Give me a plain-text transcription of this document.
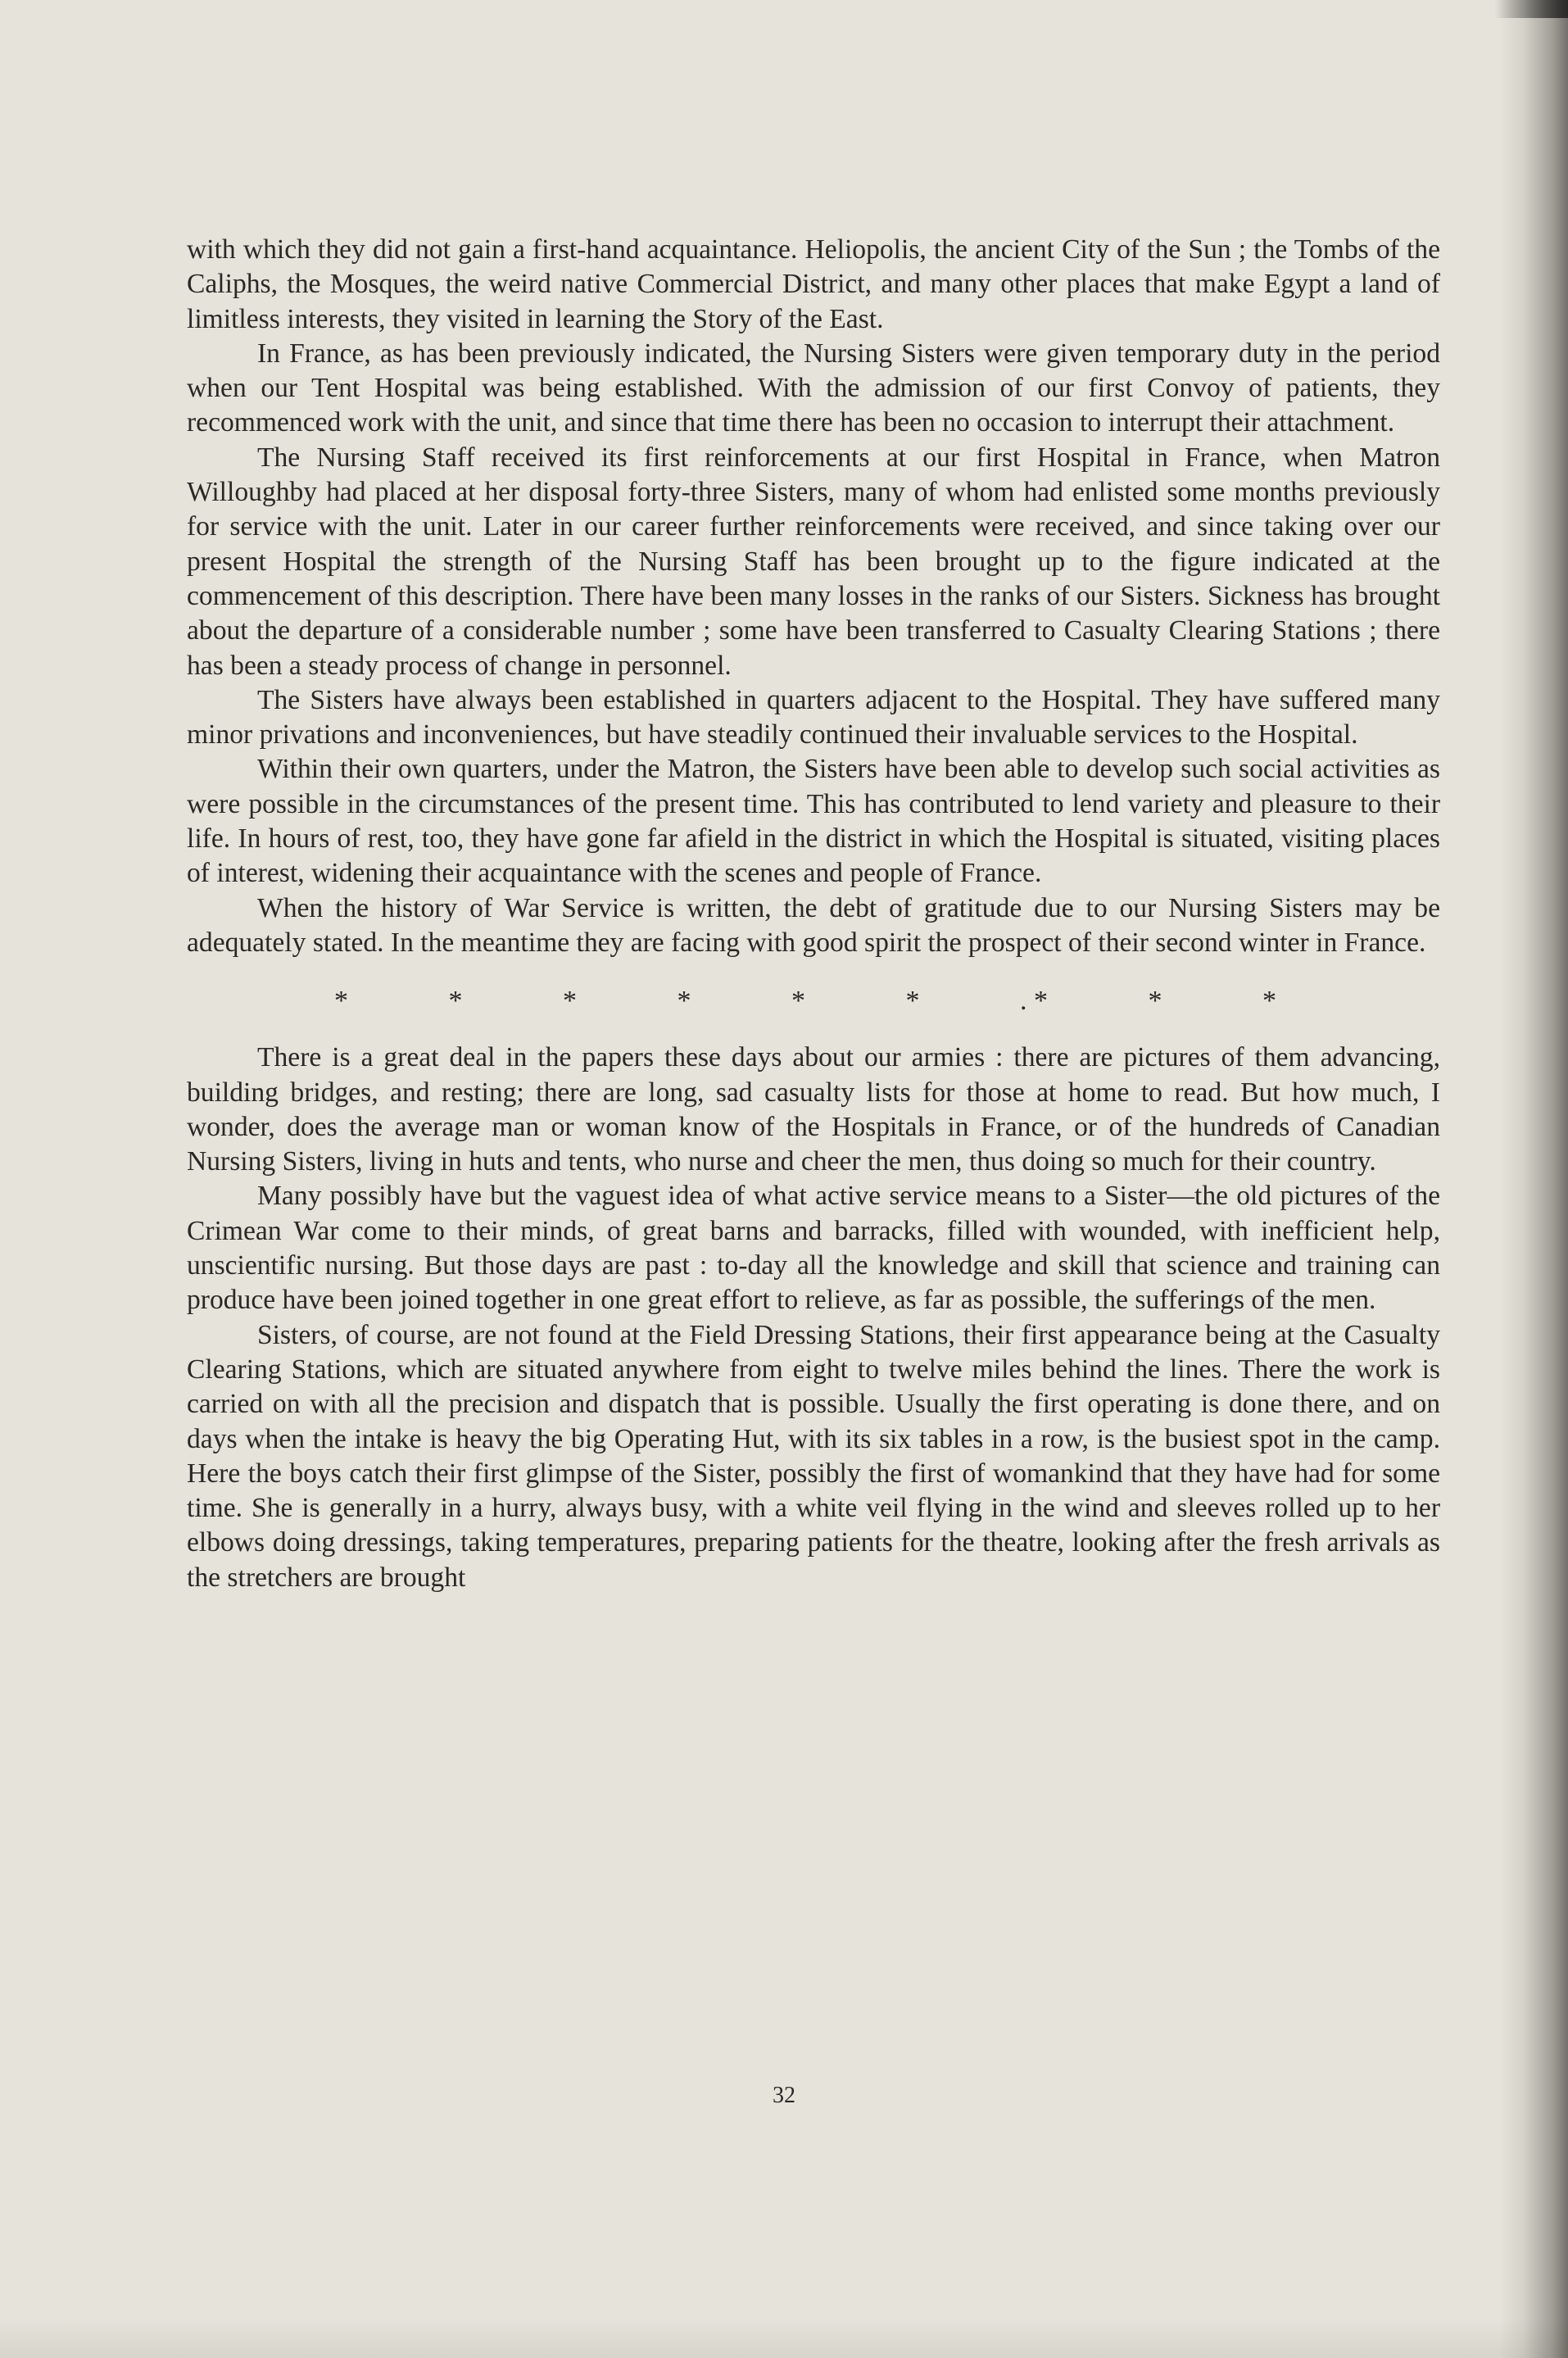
with which they did not gain a first-hand acquaintance. Heliopolis, the ancient City of the Sun ; the Tombs of the Caliphs, the Mosques, the weird native Commercial District, and many other places that make Egypt a land of limitless interests, they visited in learning the Story of the East.

In France, as has been previously indicated, the Nursing Sisters were given temporary duty in the period when our Tent Hospital was being established. With the admission of our first Convoy of patients, they recommenced work with the unit, and since that time there has been no occasion to interrupt their attachment.

The Nursing Staff received its first reinforcements at our first Hospital in France, when Matron Willoughby had placed at her disposal forty-three Sisters, many of whom had enlisted some months previously for service with the unit. Later in our career further reinforcements were received, and since taking over our present Hospital the strength of the Nursing Staff has been brought up to the figure indicated at the commencement of this description. There have been many losses in the ranks of our Sisters. Sickness has brought about the departure of a considerable number ; some have been transferred to Casualty Clearing Stations ; there has been a steady process of change in personnel.

The Sisters have always been established in quarters adjacent to the Hospital. They have suffered many minor privations and inconveniences, but have steadily continued their invaluable services to the Hospital.

Within their own quarters, under the Matron, the Sisters have been able to develop such social activities as were possible in the circumstances of the present time. This has contributed to lend variety and pleasure to their life. In hours of rest, too, they have gone far afield in the district in which the Hospital is situated, visiting places of interest, widening their acquaintance with the scenes and people of France.

When the history of War Service is written, the debt of gratitude due to our Nursing Sisters may be adequately stated. In the meantime they are facing with good spirit the prospect of their second winter in France.

*	*	*	*	*	*	. *	*	*

There is a great deal in the papers these days about our armies : there are pictures of them advancing, building bridges, and resting; there are long, sad casualty lists for those at home to read. But how much, I wonder, does the average man or woman know of the Hospitals in France, or of the hundreds of Canadian Nursing Sisters, living in huts and tents, who nurse and cheer the men, thus doing so much for their country.

Many possibly have but the vaguest idea of what active service means to a Sister—the old pictures of the Crimean War come to their minds, of great barns and barracks, filled with wounded, with inefficient help, unscientific nursing. But those days are past : to-day all the knowledge and skill that science and training can produce have been joined together in one great effort to relieve, as far as possible, the sufferings of the men.

Sisters, of course, are not found at the Field Dressing Stations, their first appearance being at the Casualty Clearing Stations, which are situated anywhere from eight to twelve miles behind the lines. There the work is carried on with all the precision and dispatch that is possible. Usually the first operating is done there, and on days when the intake is heavy the big Operating Hut, with its six tables in a row, is the busiest spot in the camp. Here the boys catch their first glimpse of the Sister, possibly the first of womankind that they have had for some time. She is generally in a hurry, always busy, with a white veil flying in the wind and sleeves rolled up to her elbows doing dressings, taking temperatures, preparing patients for the theatre, looking after the fresh arrivals as the stretchers are brought

32
